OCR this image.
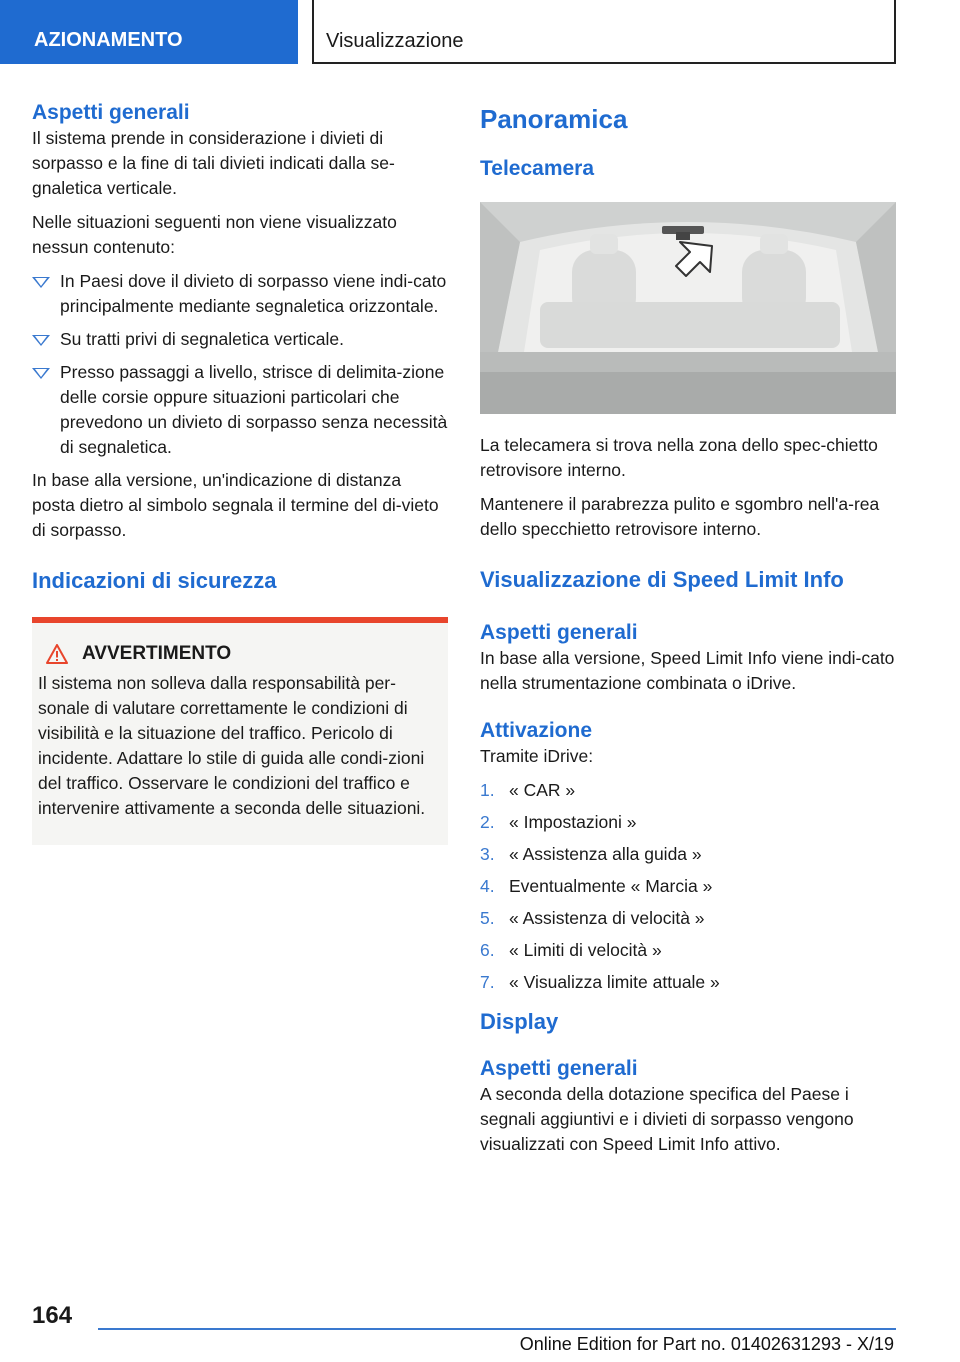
AZIONAMENTO	Visualizzazione
Aspetti generali

Il sistema prende in considerazione i divieti di sorpasso e la fine di tali divieti indicati dalla se-gnaletica verticale.

Nelle situazioni seguenti non viene visualizzato nessun contenuto:

In Paesi dove il divieto di sorpasso viene indi-cato principalmente mediante segnaletica orizzontale.
Su tratti privi di segnaletica verticale.
Presso passaggi a livello, strisce di delimita-zione delle corsie oppure situazioni particolari che prevedono un divieto di sorpasso senza necessità di segnaletica.

In base alla versione, un'indicazione di distanza posta dietro al simbolo segnala il termine del di-vieto di sorpasso.

Indicazioni di sicurezza
AVVERTIMENTO

Il sistema non solleva dalla responsabilità per-sonale di valutare correttamente le condizioni di visibilità e la situazione del traffico. Pericolo di incidente. Adattare lo stile di guida alle condi-zioni del traffico. Osservare le condizioni del traffico e intervenire attivamente a seconda delle situazioni.

Panoramica
Telecamera

La telecamera si trova nella zona dello spec-chietto retrovisore interno.

Mantenere il parabrezza pulito e sgombro nell'a-rea dello specchietto retrovisore interno.

Visualizzazione di Speed Limit Info
Aspetti generali

In base alla versione, Speed Limit Info viene indi-cato nella strumentazione combinata o iDrive.

Attivazione

Tramite iDrive:

1. « CAR »
2. « Impostazioni »
3. « Assistenza alla guida »
4. Eventualmente « Marcia »
5. « Assistenza di velocità »
6. « Limiti di velocità »
7. « Visualizza limite attuale »
Display
Aspetti generali

A seconda della dotazione specifica del Paese i segnali aggiuntivi e i divieti di sorpasso vengono visualizzati con Speed Limit Info attivo.

164
Online Edition for Part no. 01402631293 - X/19
